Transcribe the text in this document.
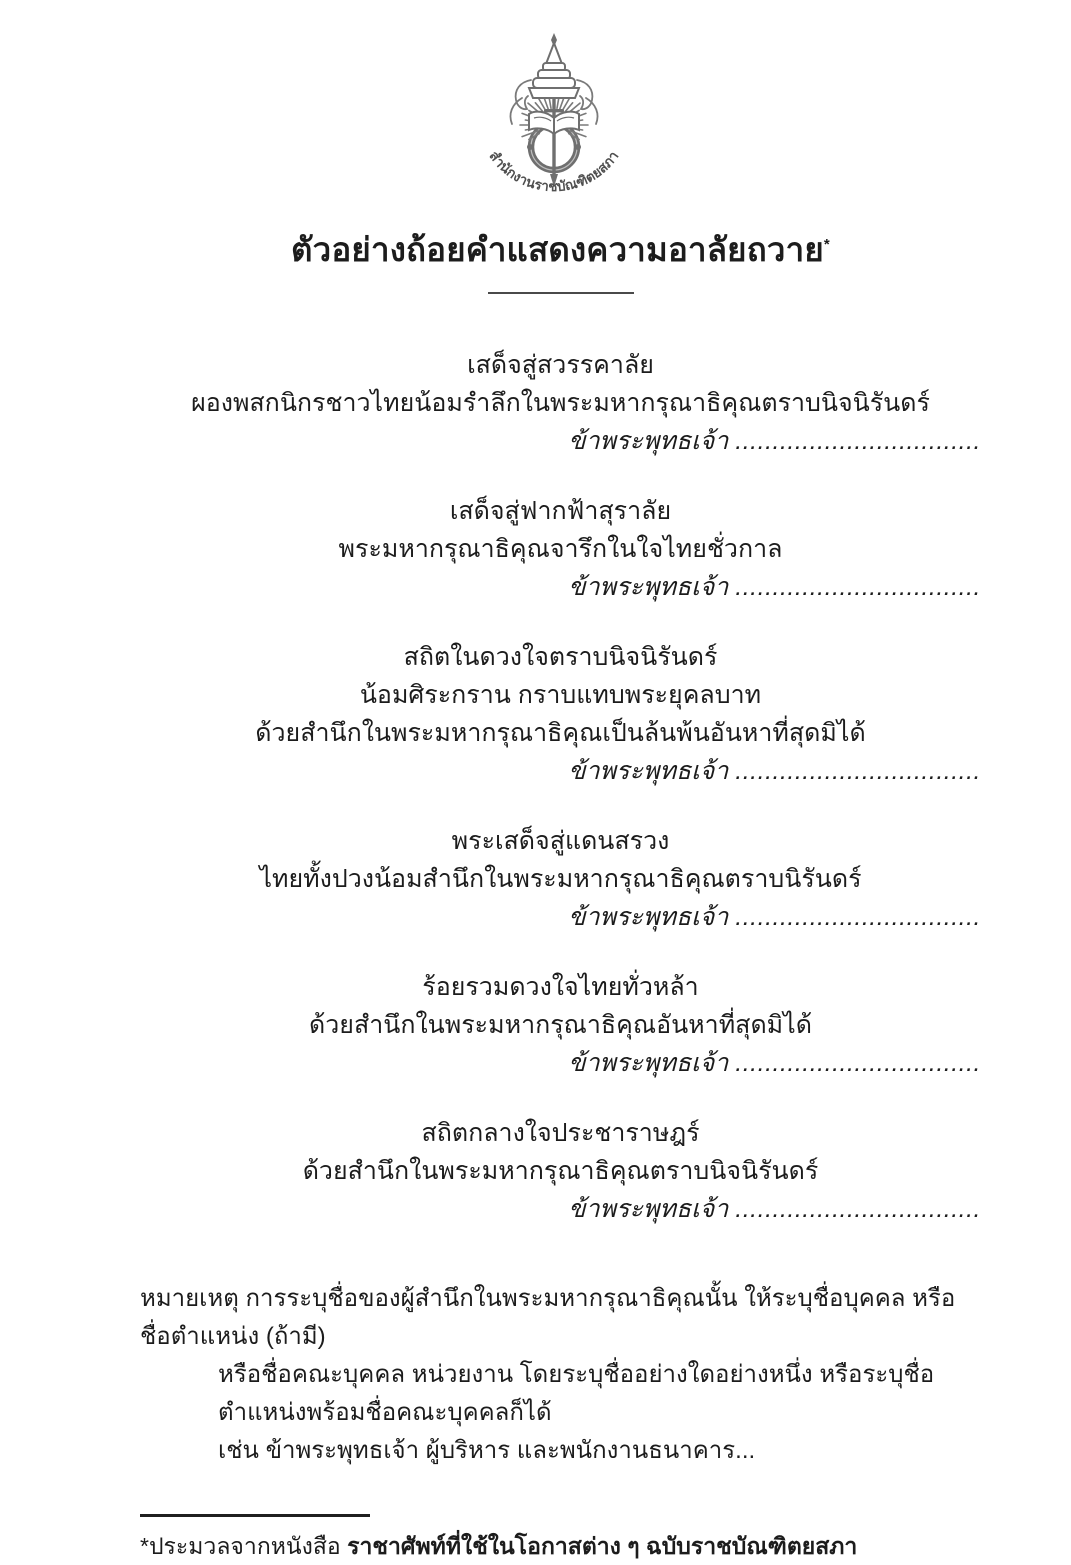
สำนักงานราชบัณฑิตยสภา
ตัวอย่างถ้อยคำแสดงความอาลัยถวาย*
เสด็จสู่สวรรคาลัย
ผองพสกนิกรชาวไทยน้อมรำลึกในพระมหากรุณาธิคุณตราบนิจนิรันดร์
ข้าพระพุทธเจ้า .................................
เสด็จสู่ฟากฟ้าสุราลัย
พระมหากรุณาธิคุณจารึกในใจไทยชั่วกาล
ข้าพระพุทธเจ้า .................................
สถิตในดวงใจตราบนิจนิรันดร์
น้อมศิระกราน กราบแทบพระยุคลบาท
ด้วยสำนึกในพระมหากรุณาธิคุณเป็นล้นพ้นอันหาที่สุดมิได้
ข้าพระพุทธเจ้า .................................
พระเสด็จสู่แดนสรวง
ไทยทั้งปวงน้อมสำนึกในพระมหากรุณาธิคุณตราบนิรันดร์
ข้าพระพุทธเจ้า .................................
ร้อยรวมดวงใจไทยทั่วหล้า
ด้วยสำนึกในพระมหากรุณาธิคุณอันหาที่สุดมิได้
ข้าพระพุทธเจ้า .................................
สถิตกลางใจประชาราษฎร์
ด้วยสำนึกในพระมหากรุณาธิคุณตราบนิจนิรันดร์
ข้าพระพุทธเจ้า .................................
หมายเหตุ การระบุชื่อของผู้สำนึกในพระมหากรุณาธิคุณนั้น ให้ระบุชื่อบุคคล หรือชื่อตำแหน่ง (ถ้ามี)
หรือชื่อคณะบุคคล หน่วยงาน โดยระบุชื่ออย่างใดอย่างหนึ่ง หรือระบุชื่อตำแหน่งพร้อมชื่อคณะบุคคลก็ได้
เช่น ข้าพระพุทธเจ้า ผู้บริหาร และพนักงานธนาคาร...
*ประมวลจากหนังสือ ราชาศัพท์ที่ใช้ในโอกาสต่าง ๆ ฉบับราชบัณฑิตยสภา
